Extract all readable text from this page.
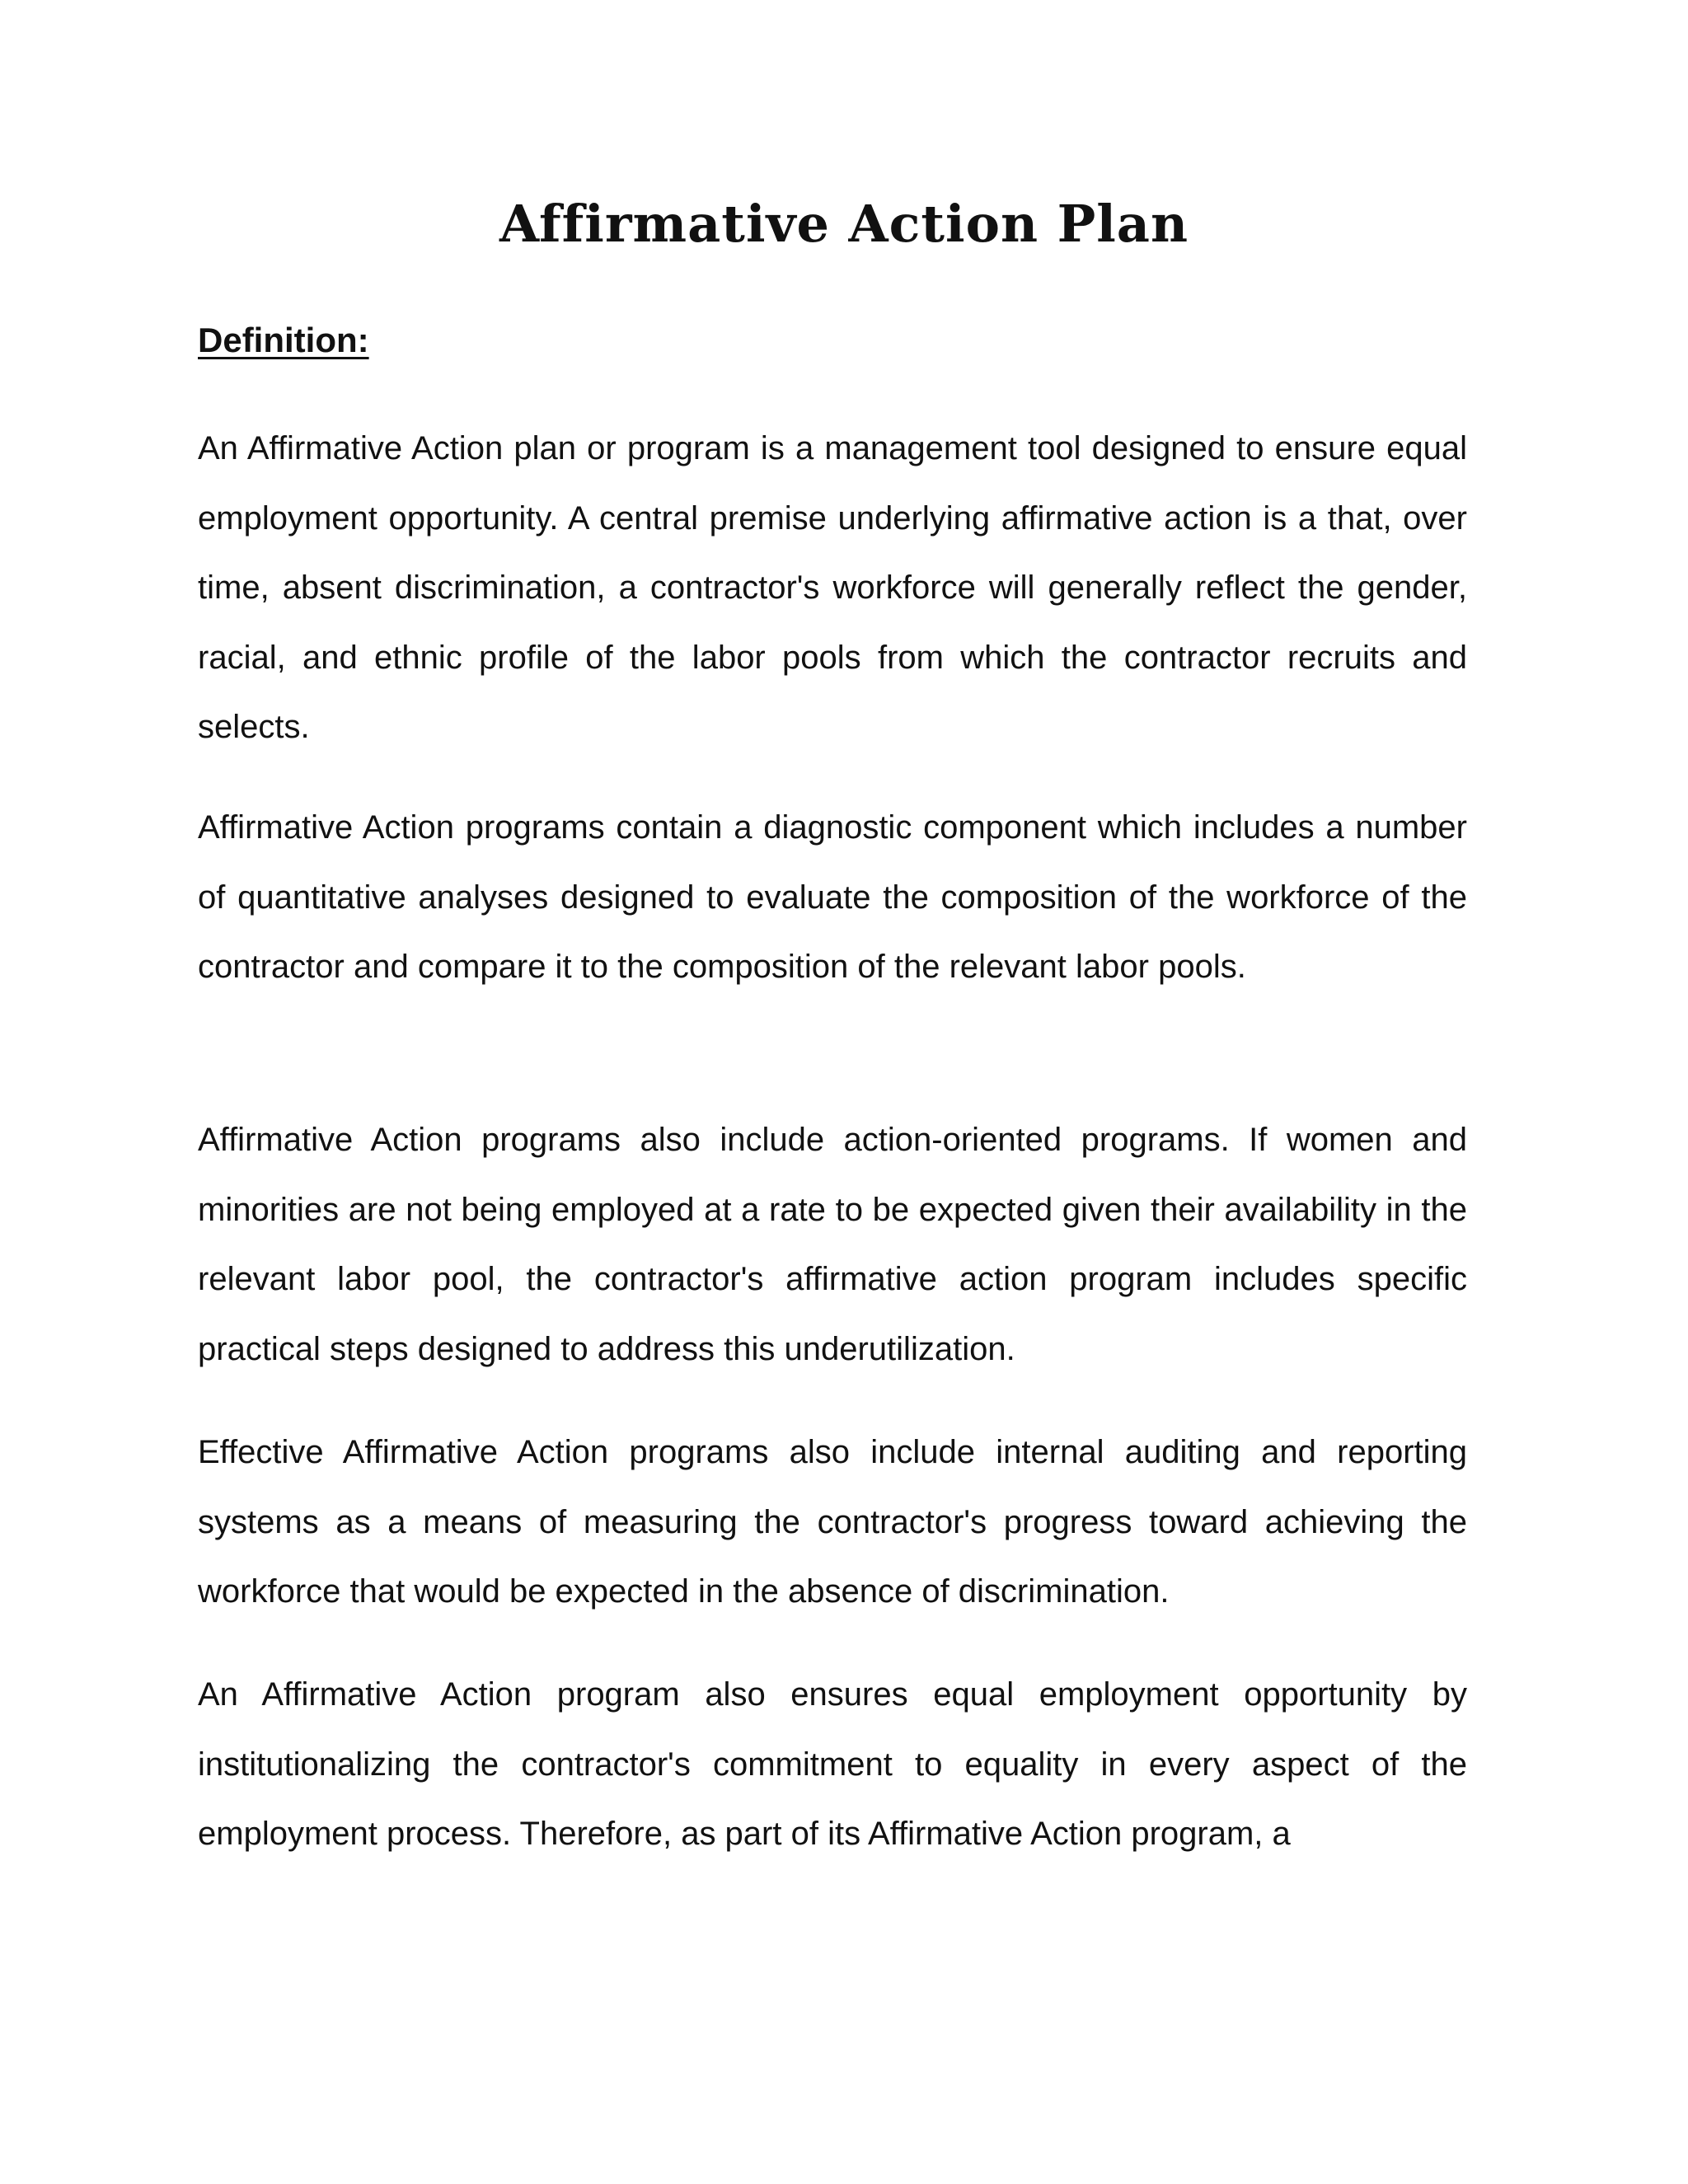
Affirmative Action Plan
Definition:

An Affirmative Action plan or program is a management tool designed to ensure equal employment opportunity. A central premise underlying affirmative action is a that, over time, absent discrimination, a contractor's workforce will generally reflect the gender, racial, and ethnic profile of the labor pools from which the contractor recruits and selects.

Affirmative Action programs contain a diagnostic component which includes a number of quantitative analyses designed to evaluate the composition of the workforce of the contractor and compare it to the composition of the relevant labor pools.

Affirmative Action programs also include action-oriented programs. If women and minorities are not being employed at a rate to be expected given their availability in the relevant labor pool, the contractor's affirmative action program includes specific practical steps designed to address this underutilization.

Effective Affirmative Action programs also include internal auditing and reporting systems as a means of measuring the contractor's progress toward achieving the workforce that would be expected in the absence of discrimination.

An Affirmative Action program also ensures equal employment opportunity by institutionalizing the contractor's commitment to equality in every aspect of the employment process. Therefore, as part of its Affirmative Action program, a
